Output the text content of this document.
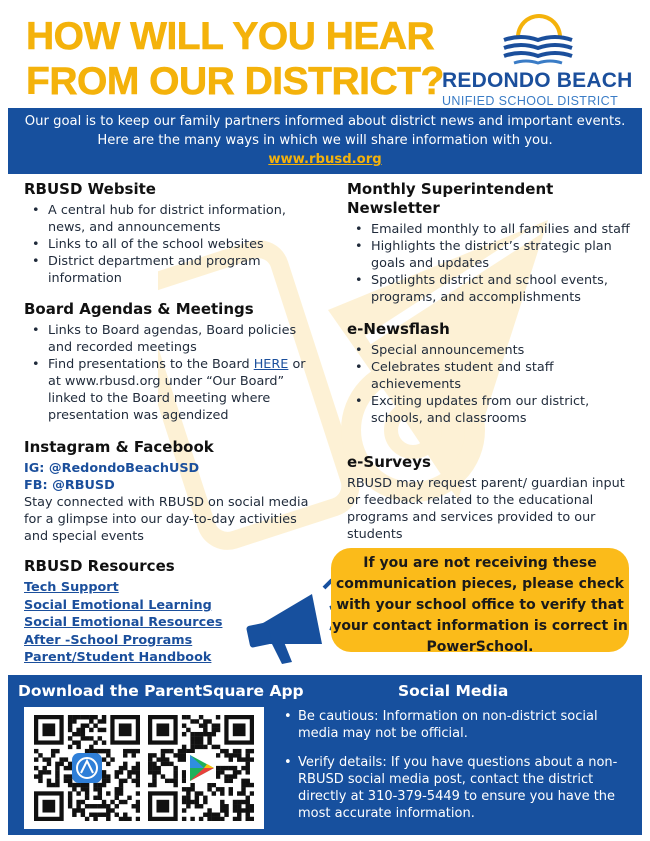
HOW WILL YOU HEAR
FROM OUR DISTRICT?
REDONDO BEACH
UNIFIED SCHOOL DISTRICT
Our goal is to keep our family partners informed about district news and important events.
Here are the many ways in which we will share information with you.
www.rbusd.org
RBUSD Website
• A central hub for district information, news, and announcements
• Links to all of the school websites
• District department and program information
Board Agendas & Meetings
• Links to Board agendas, Board policies and recorded meetings
• Find presentations to the Board HERE or at www.rbusd.org under “Our Board” linked to the Board meeting where presentation was agendized
Instagram & Facebook
IG: @RedondoBeachUSD
FB: @RBUSD
Stay connected with RBUSD on social media for a glimpse into our day-to-day activities and special events
RBUSD Resources
Tech Support
Social Emotional Learning
Social Emotional Resources
After -School Programs
Parent/Student Handbook
Monthly Superintendent Newsletter
• Emailed monthly to all families and staff
• Highlights the district’s strategic plan goals and updates
• Spotlights district and school events, programs, and accomplishments
e-Newsflash
• Special announcements
• Celebrates student and staff achievements
• Exciting updates from our district, schools, and classrooms
e-Surveys
RBUSD may request parent/ guardian input or feedback related to the educational programs and services provided to our students
If you are not receiving these communication pieces, please check with your school office to verify that your contact information is correct in PowerSchool.
Download the ParentSquare App	Social Media
• Be cautious: Information on non-district social media may not be official.
• Verify details: If you have questions about a non-RBUSD social media post, contact the district directly at 310-379-5449 to ensure you have the most accurate information.
